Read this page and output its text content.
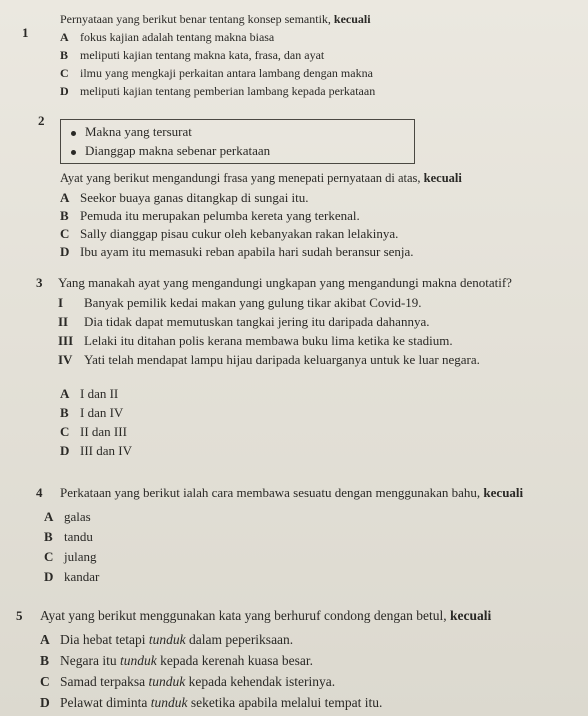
1
Pernyataan yang berikut benar tentang konsep semantik, kecuali
A fokus kajian adalah tentang makna biasa
B meliputi kajian tentang makna kata, frasa, dan ayat
C ilmu yang mengkaji perkaitan antara lambang dengan makna
D meliputi kajian tentang pemberian lambang kepada perkataan
2
Makna yang tersurat
Dianggap makna sebenar perkataan
Ayat yang berikut mengandungi frasa yang menepati pernyataan di atas, kecuali
A Seekor buaya ganas ditangkap di sungai itu.
B Pemuda itu merupakan pelumba kereta yang terkenal.
C Sally dianggap pisau cukur oleh kebanyakan rakan lelakinya.
D Ibu ayam itu memasuki reban apabila hari sudah beransur senja.
3 Yang manakah ayat yang mengandungi ungkapan yang mengandungi makna denotatif?
I Banyak pemilik kedai makan yang gulung tikar akibat Covid-19.
II Dia tidak dapat memutuskan tangkai jering itu daripada dahannya.
III Lelaki itu ditahan polis kerana membawa buku lima ketika ke stadium.
IV Yati telah mendapat lampu hijau daripada keluarganya untuk ke luar negara.
A I dan II
B I dan IV
C II dan III
D III dan IV
4 Perkataan yang berikut ialah cara membawa sesuatu dengan menggunakan bahu, kecuali
A galas
B tandu
C julang
D kandar
5 Ayat yang berikut menggunakan kata yang berhuruf condong dengan betul, kecuali
A Dia hebat tetapi tunduk dalam peperiksaan.
B Negara itu tunduk kepada kerenah kuasa besar.
C Samad terpaksa tunduk kepada kehendak isterinya.
D Pelawat diminta tunduk seketika apabila melalui tempat itu.
